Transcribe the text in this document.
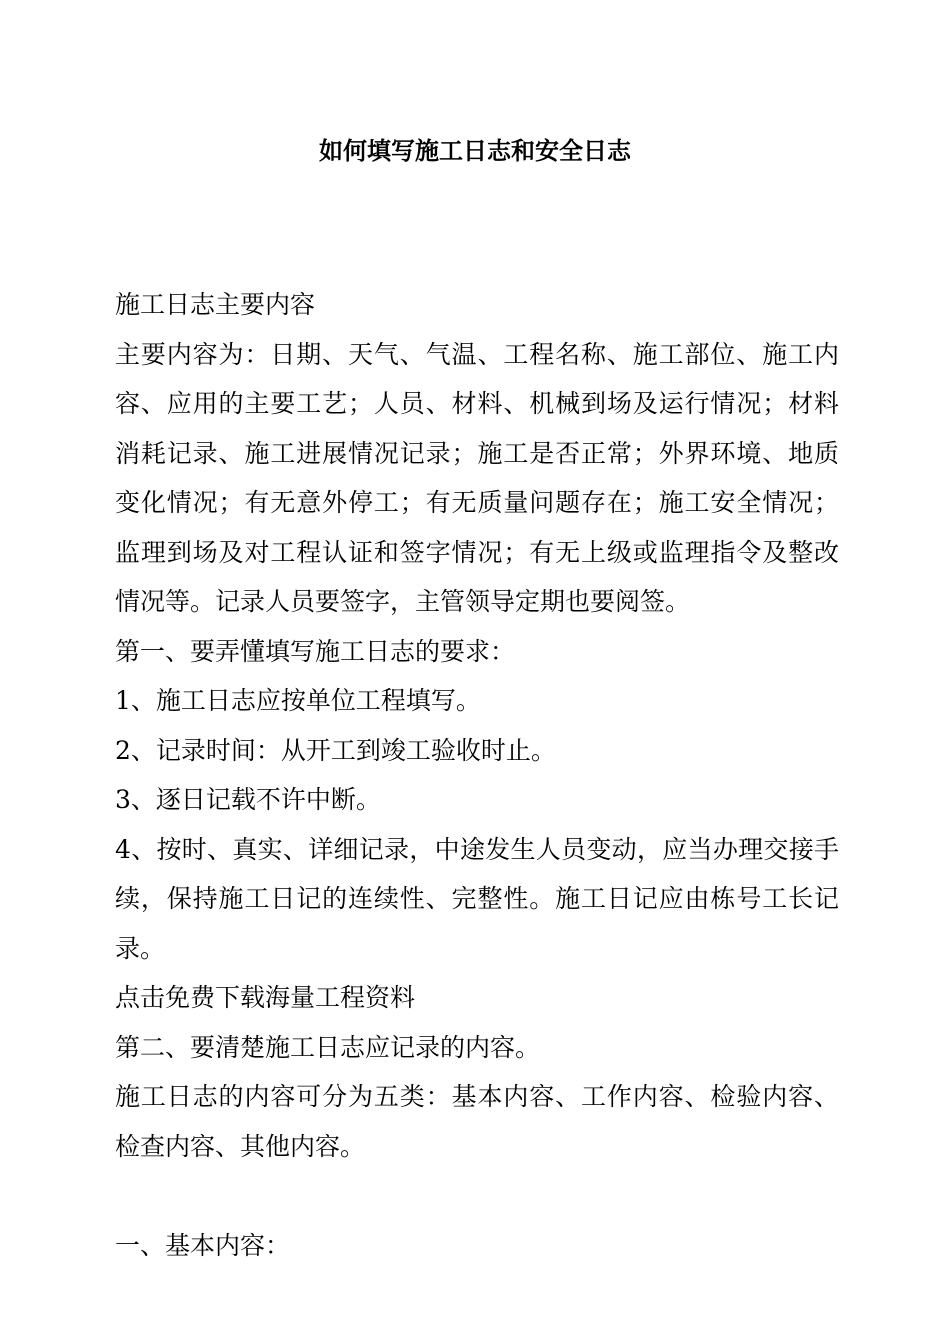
如何填写施工日志和安全日志

施工日志主要内容

主要内容为：日期、天气、气温、工程名称、施工部位、施工内容、应用的主要工艺；人员、材料、机械到场及运行情况；材料消耗记录、施工进展情况记录；施工是否正常；外界环境、地质变化情况；有无意外停工；有无质量问题存在；施工安全情况；监理到场及对工程认证和签字情况；有无上级或监理指令及整改情况等。记录人员要签字，主管领导定期也要阅签。

第一、要弄懂填写施工日志的要求：

1、施工日志应按单位工程填写。

2、记录时间：从开工到竣工验收时止。

3、逐日记载不许中断。

4、按时、真实、详细记录，中途发生人员变动，应当办理交接手续，保持施工日记的连续性、完整性。施工日记应由栋号工长记录。

点击免费下载海量工程资料

第二、要清楚施工日志应记录的内容。

施工日志的内容可分为五类：基本内容、工作内容、检验内容、检查内容、其他内容。

一、基本内容：
